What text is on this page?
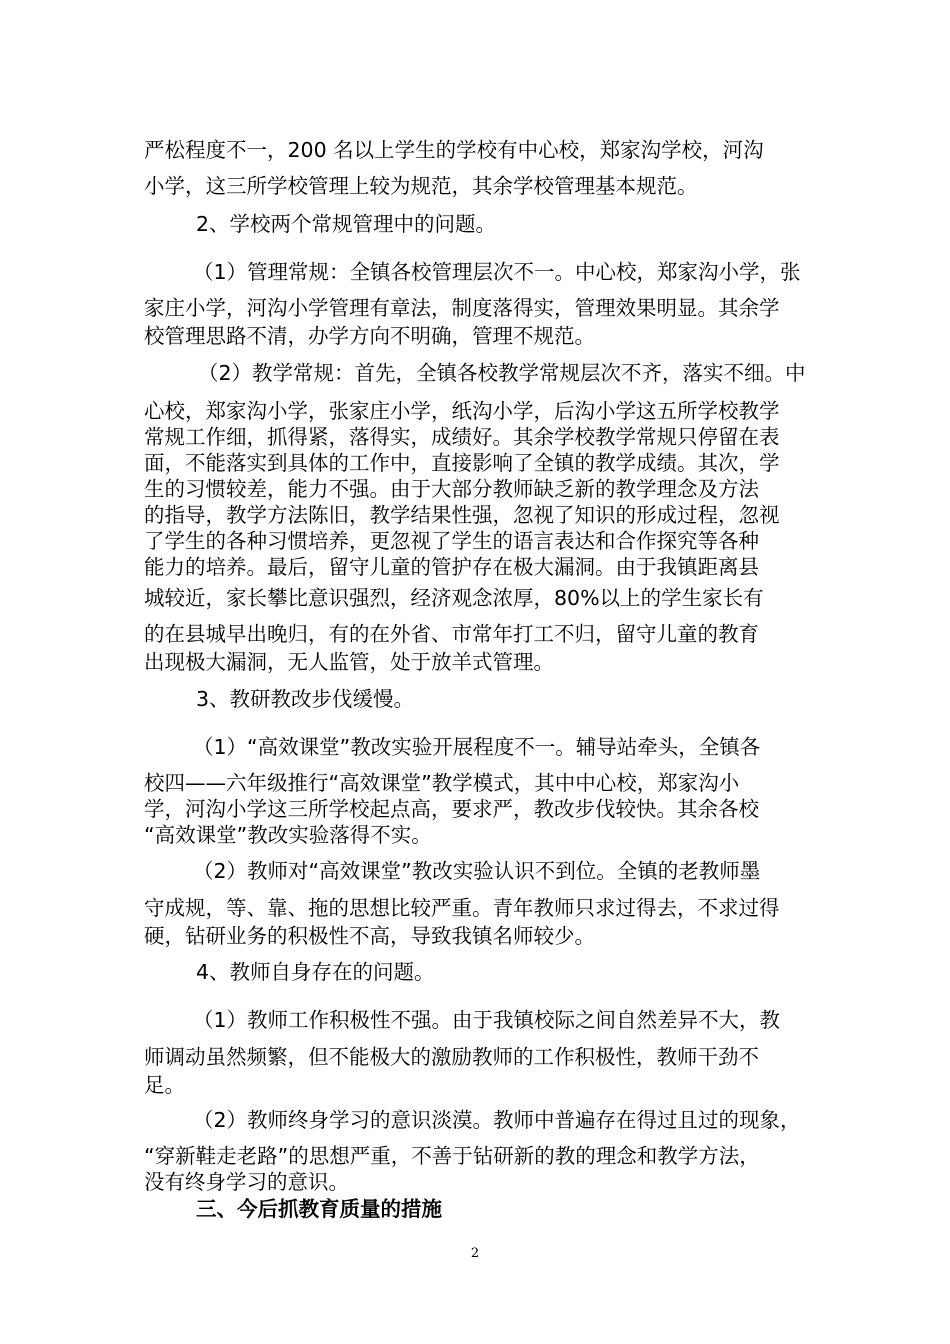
严松程度不一，200 名以上学生的学校有中心校，郑家沟学校，河沟
小学，这三所学校管理上较为规范，其余学校管理基本规范。
2、学校两个常规管理中的问题。
（1）管理常规：全镇各校管理层次不一。中心校，郑家沟小学，张
家庄小学，河沟小学管理有章法，制度落得实，管理效果明显。其余学
校管理思路不清，办学方向不明确，管理不规范。
（2）教学常规：首先，全镇各校教学常规层次不齐，落实不细。中
心校，郑家沟小学，张家庄小学，纸沟小学，后沟小学这五所学校教学
常规工作细，抓得紧，落得实，成绩好。其余学校教学常规只停留在表
面，不能落实到具体的工作中，直接影响了全镇的教学成绩。其次，学
生的习惯较差，能力不强。由于大部分教师缺乏新的教学理念及方法
的指导，教学方法陈旧，教学结果性强，忽视了知识的形成过程，忽视
了学生的各种习惯培养，更忽视了学生的语言表达和合作探究等各种
能力的培养。最后，留守儿童的管护存在极大漏洞。由于我镇距离县
城较近，家长攀比意识强烈，经济观念浓厚，80%以上的学生家长有
的在县城早出晚归，有的在外省、市常年打工不归，留守儿童的教育
出现极大漏洞，无人监管，处于放羊式管理。
3、教研教改步伐缓慢。
（1）“高效课堂”教改实验开展程度不一。辅导站牵头，全镇各
校四——六年级推行“高效课堂”教学模式，其中中心校，郑家沟小
学，河沟小学这三所学校起点高，要求严，教改步伐较快。其余各校
“高效课堂”教改实验落得不实。
（2）教师对“高效课堂”教改实验认识不到位。全镇的老教师墨
守成规，等、靠、拖的思想比较严重。青年教师只求过得去，不求过得
硬，钻研业务的积极性不高，导致我镇名师较少。
4、教师自身存在的问题。
（1）教师工作积极性不强。由于我镇校际之间自然差异不大，教
师调动虽然频繁，但不能极大的激励教师的工作积极性，教师干劲不
足。
（2）教师终身学习的意识淡漠。教师中普遍存在得过且过的现象，
“穿新鞋走老路”的思想严重，不善于钻研新的教的理念和教学方法，
没有终身学习的意识。
三、今后抓教育质量的措施
2
